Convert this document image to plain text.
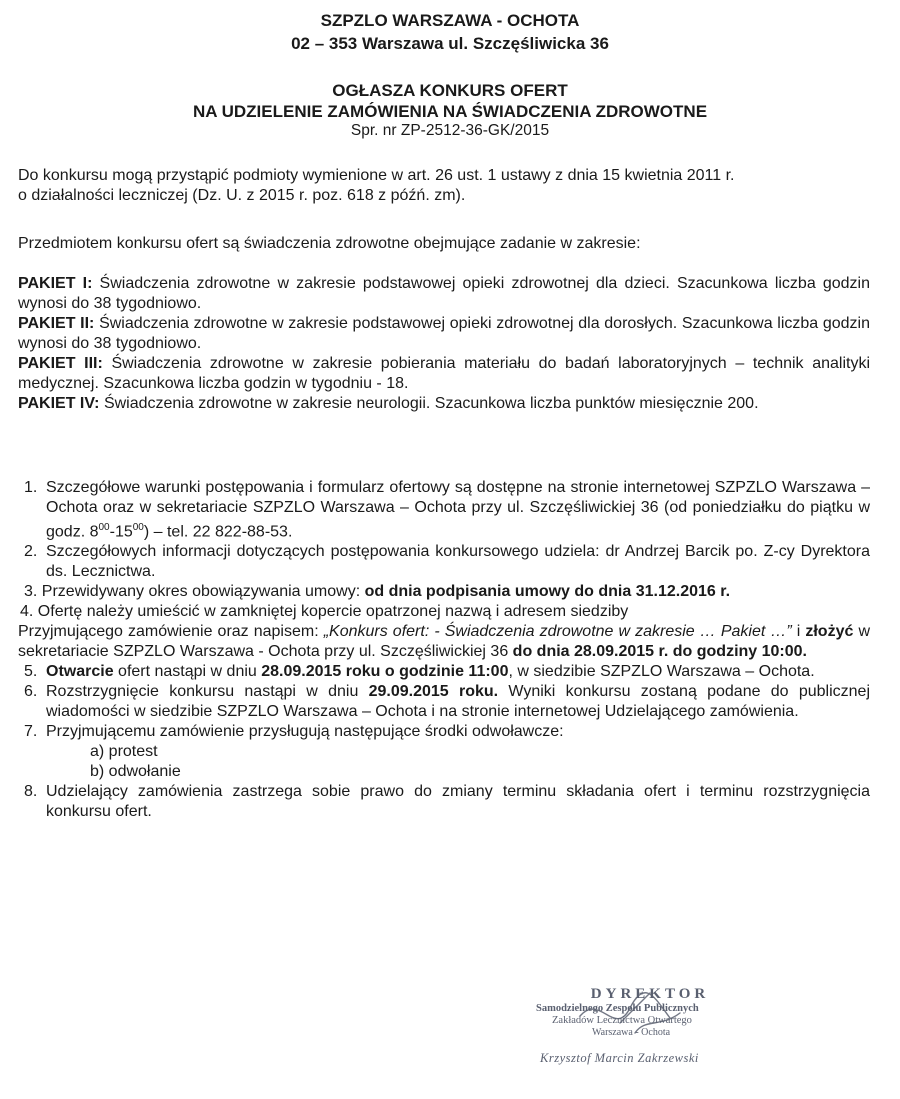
SZPZLO WARSZAWA - OCHOTA
02 – 353 Warszawa ul. Szczęśliwicka 36
OGŁASZA KONKURS OFERT
NA UDZIELENIE ZAMÓWIENIA NA ŚWIADCZENIA ZDROWOTNE
Spr. nr ZP-2512-36-GK/2015
Do konkursu mogą przystąpić podmioty wymienione w art. 26 ust. 1 ustawy z dnia 15 kwietnia 2011 r.
o działalności leczniczej (Dz. U. z 2015 r. poz. 618 z późń. zm).
Przedmiotem konkursu ofert są świadczenia zdrowotne obejmujące zadanie w zakresie:
PAKIET I: Świadczenia zdrowotne w zakresie podstawowej opieki zdrowotnej dla dzieci. Szacunkowa liczba godzin wynosi do 38 tygodniowo.
PAKIET II: Świadczenia zdrowotne w zakresie podstawowej opieki zdrowotnej dla dorosłych. Szacunkowa liczba godzin wynosi do 38 tygodniowo.
PAKIET III: Świadczenia zdrowotne w zakresie pobierania materiału do badań laboratoryjnych – technik analityki medycznej. Szacunkowa liczba godzin w tygodniu - 18.
PAKIET IV: Świadczenia zdrowotne w zakresie neurologii. Szacunkowa liczba punktów miesięcznie 200.
1. Szczegółowe warunki postępowania i formularz ofertowy są dostępne na stronie internetowej SZPZLO Warszawa – Ochota oraz w sekretariacie SZPZLO Warszawa – Ochota przy ul. Szczęśliwickiej 36 (od poniedziałku do piątku w godz. $8^{00}-15^{00}$) – tel. 22 822-88-53.
2. Szczegółowych informacji dotyczących postępowania konkursowego udziela: dr Andrzej Barcik po. Z-cy Dyrektora ds. Lecznictwa.
3. Przewidywany okres obowiązywania umowy: od dnia podpisania umowy do dnia 31.12.2016 r.
4. Ofertę należy umieścić w zamkniętej kopercie opatrzonej nazwą i adresem siedziby
Przyjmującego zamówienie oraz napisem: „Konkurs ofert: - Świadczenia zdrowotne w zakresie … Pakiet …” i złożyć w sekretariacie SZPZLO Warszawa - Ochota przy ul. Szczęśliwickiej 36 do dnia 28.09.2015 r. do godziny 10:00.
5. Otwarcie ofert nastąpi w dniu 28.09.2015 roku o godzinie 11:00, w siedzibie SZPZLO Warszawa – Ochota.
6. Rozstrzygnięcie konkursu nastąpi w dniu 29.09.2015 roku. Wyniki konkursu zostaną podane do publicznej wiadomości w siedzibie SZPZLO Warszawa – Ochota i na stronie internetowej Udzielającego zamówienia.
7. Przyjmującemu zamówienie przysługują następujące środki odwoławcze:
a) protest
b) odwołanie
8. Udzielający zamówienia zastrzega sobie prawo do zmiany terminu składania ofert i terminu rozstrzygnięcia konkursu ofert.
DYREKTOR
Samodzielnego Zespołu Publicznych
Zakładów Lecznictwa Otwartego
Warszawa - Ochota
Krzysztof Marcin Zakrzewski
